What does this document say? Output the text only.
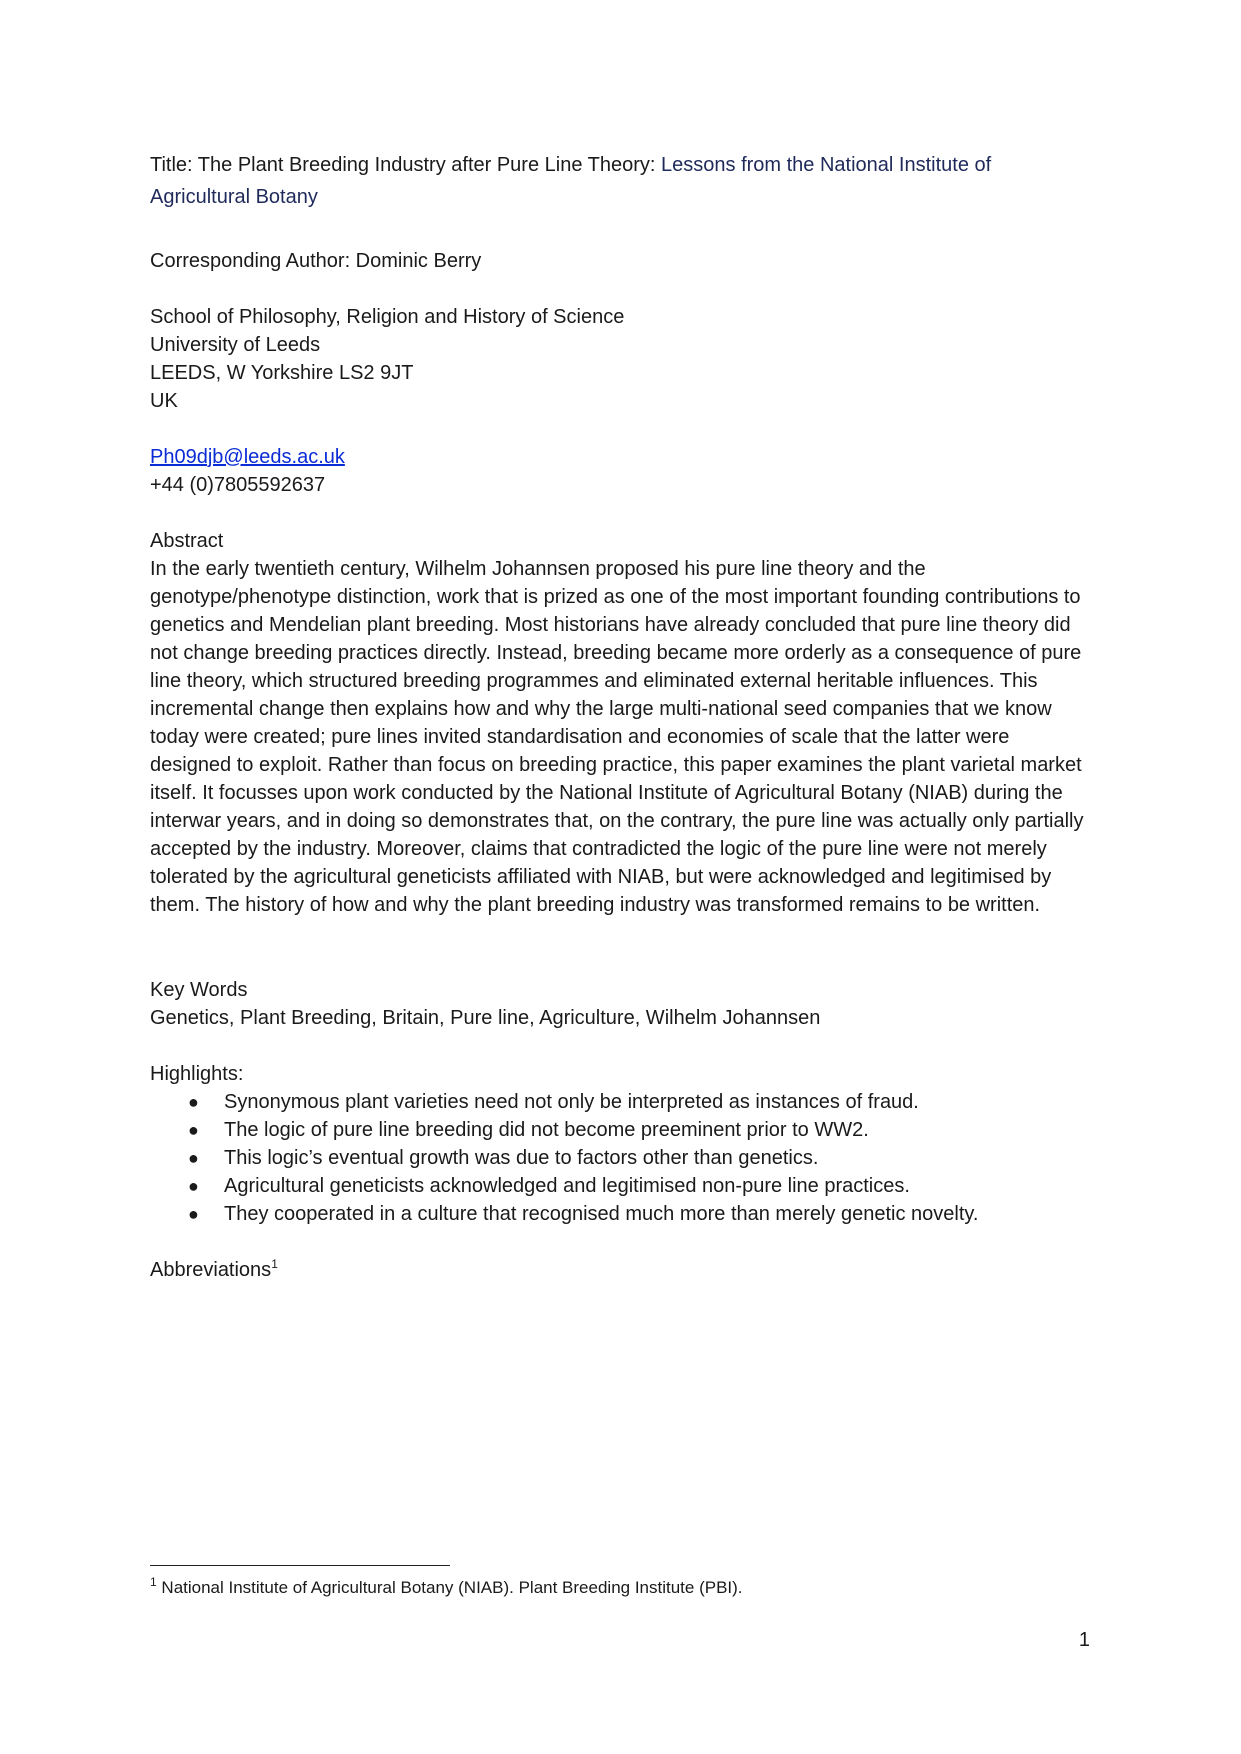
Title: The Plant Breeding Industry after Pure Line Theory: Lessons from the National Institute of Agricultural Botany
Corresponding Author: Dominic Berry
School of Philosophy, Religion and History of Science
University of Leeds
LEEDS, W Yorkshire LS2 9JT
UK
Ph09djb@leeds.ac.uk
+44 (0)7805592637
Abstract
In the early twentieth century, Wilhelm Johannsen proposed his pure line theory and the genotype/phenotype distinction, work that is prized as one of the most important founding contributions to genetics and Mendelian plant breeding. Most historians have already concluded that pure line theory did not change breeding practices directly. Instead, breeding became more orderly as a consequence of pure line theory, which structured breeding programmes and eliminated external heritable influences. This incremental change then explains how and why the large multi-national seed companies that we know today were created; pure lines invited standardisation and economies of scale that the latter were designed to exploit. Rather than focus on breeding practice, this paper examines the plant varietal market itself. It focusses upon work conducted by the National Institute of Agricultural Botany (NIAB) during the interwar years, and in doing so demonstrates that, on the contrary, the pure line was actually only partially accepted by the industry. Moreover, claims that contradicted the logic of the pure line were not merely tolerated by the agricultural geneticists affiliated with NIAB, but were acknowledged and legitimised by them. The history of how and why the plant breeding industry was transformed remains to be written.
Key Words
Genetics, Plant Breeding, Britain, Pure line, Agriculture, Wilhelm Johannsen
Highlights:
● Synonymous plant varieties need not only be interpreted as instances of fraud.
● The logic of pure line breeding did not become preeminent prior to WW2.
● This logic’s eventual growth was due to factors other than genetics.
● Agricultural geneticists acknowledged and legitimised non-pure line practices.
● They cooperated in a culture that recognised much more than merely genetic novelty.
Abbreviations$^1$
$^1$ National Institute of Agricultural Botany (NIAB). Plant Breeding Institute (PBI).
1
